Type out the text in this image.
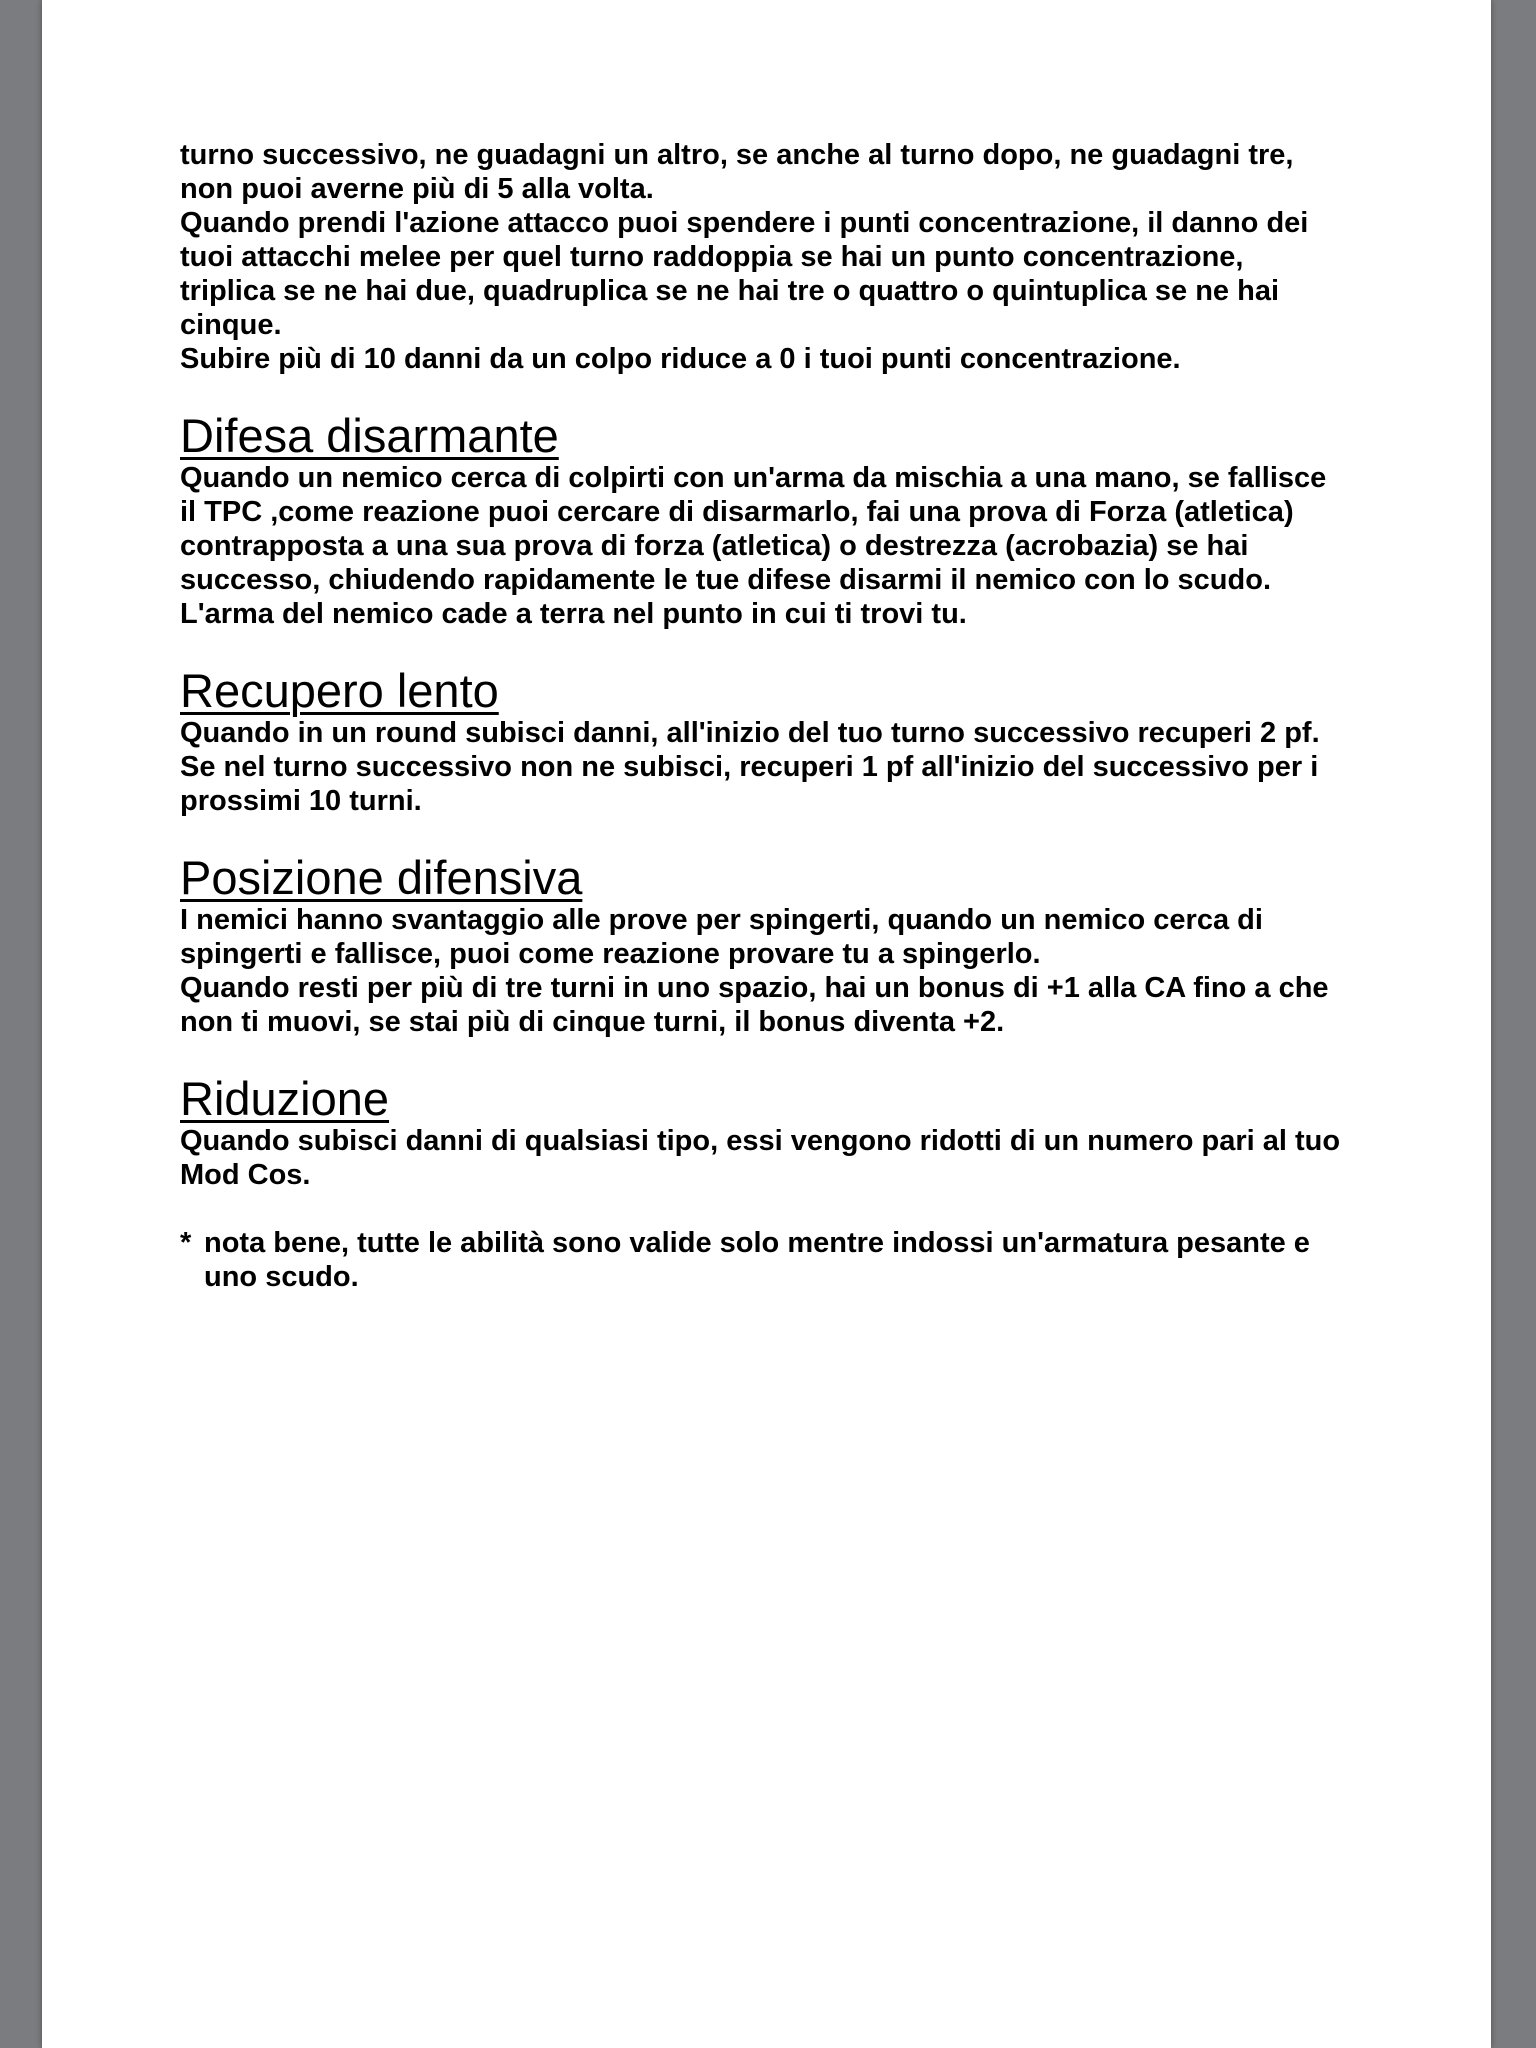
turno successivo, ne guadagni un altro, se anche al turno dopo, ne guadagni tre,
non puoi averne più di 5 alla volta.
Quando prendi l'azione attacco puoi spendere i punti concentrazione, il danno dei
tuoi attacchi melee per quel turno raddoppia se hai un punto concentrazione,
triplica se ne hai due, quadruplica se ne hai tre o quattro o quintuplica se ne hai
cinque.
Subire più di 10 danni da un colpo riduce a 0 i tuoi punti concentrazione.
Difesa disarmante
Quando un nemico cerca di colpirti con un'arma da mischia a una mano, se fallisce
il TPC ,come reazione puoi cercare di disarmarlo, fai una prova di Forza (atletica)
contrapposta a una sua prova di forza (atletica) o destrezza (acrobazia) se hai
successo, chiudendo rapidamente le tue difese disarmi il nemico con lo scudo.
L'arma del nemico cade a terra nel punto in cui ti trovi tu.
Recupero lento
Quando in un round subisci danni, all'inizio del tuo turno successivo recuperi 2 pf.
Se nel turno successivo non ne subisci, recuperi 1 pf all'inizio del successivo per i
prossimi 10 turni.
Posizione difensiva
I nemici hanno svantaggio alle prove per spingerti, quando un nemico cerca di
spingerti e fallisce, puoi come reazione provare tu a spingerlo.
Quando resti per più di tre turni in uno spazio, hai un bonus di +1 alla CA fino a che
non ti muovi, se stai più di cinque turni, il bonus diventa +2.
Riduzione
Quando subisci danni di qualsiasi tipo, essi vengono ridotti di un numero pari al tuo
Mod Cos.
* nota bene, tutte le abilità sono valide solo mentre indossi un'armatura pesante e
uno scudo.
